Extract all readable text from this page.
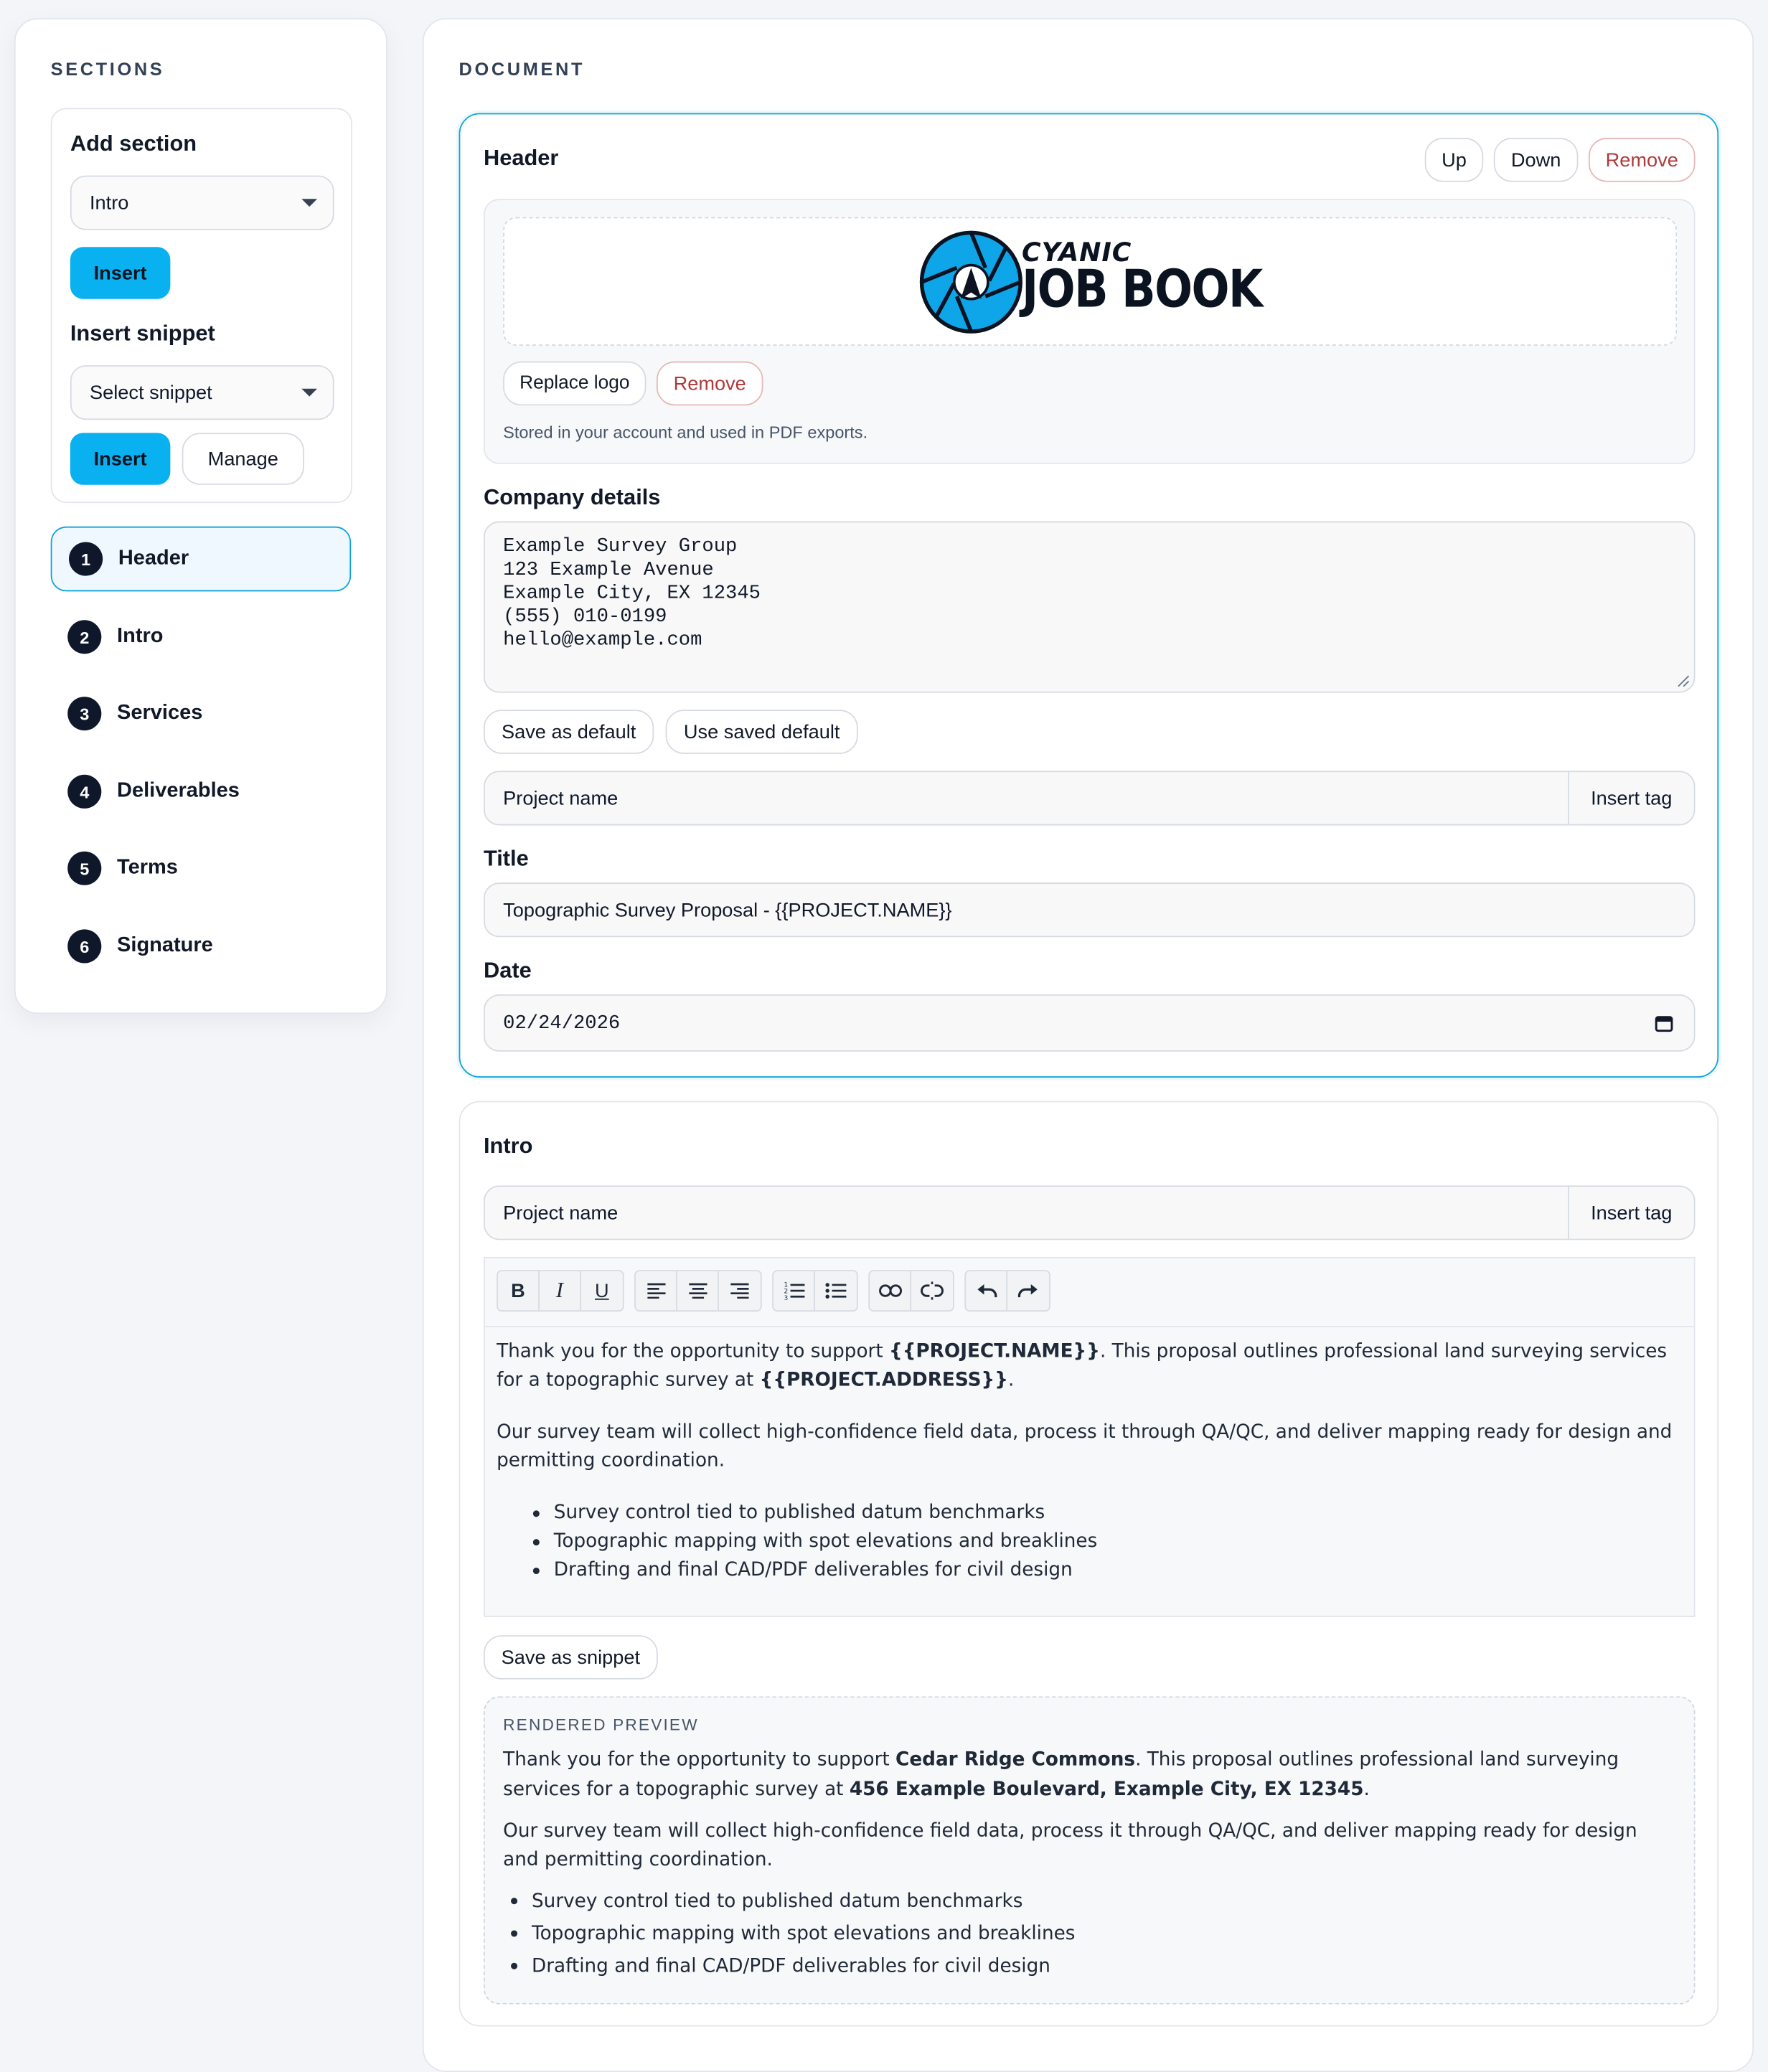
SECTIONS
Add section
Intro
Insert
Insert snippet
Select snippet
Insert	Manage
1	Header
2	Intro
3	Services
4	Deliverables
5	Terms
6	Signature
DOCUMENT
Header	Up	Down	Remove
CYANIC
JOB BOOK
Replace logo	Remove
Stored in your account and used in PDF exports.
Company details
Example Survey Group
123 Example Avenue
Example City, EX 12345
(555) 010-0199
hello@example.com
Save as default	Use saved default
Project name	Insert tag
Title
Topographic Survey Proposal - {{PROJECT.NAME}}
Date
02/24/2026
Intro
Project name	Insert tag
B	I	U	1
2
3

Thank you for the opportunity to support {{PROJECT.NAME}}. This proposal outlines professional land surveying services for a topographic survey at {{PROJECT.ADDRESS}}.

Our survey team will collect high-confidence field data, process it through QA/QC, and deliver mapping ready for design and permitting coordination.

Survey control tied to published datum benchmarks
Topographic mapping with spot elevations and breaklines
Drafting and final CAD/PDF deliverables for civil design
Save as snippet
RENDERED PREVIEW

Thank you for the opportunity to support Cedar Ridge Commons. This proposal outlines professional land surveying services for a topographic survey at 456 Example Boulevard, Example City, EX 12345.

Our survey team will collect high-confidence field data, process it through QA/QC, and deliver mapping ready for design and permitting coordination.

Survey control tied to published datum benchmarks
Topographic mapping with spot elevations and breaklines
Drafting and final CAD/PDF deliverables for civil design
